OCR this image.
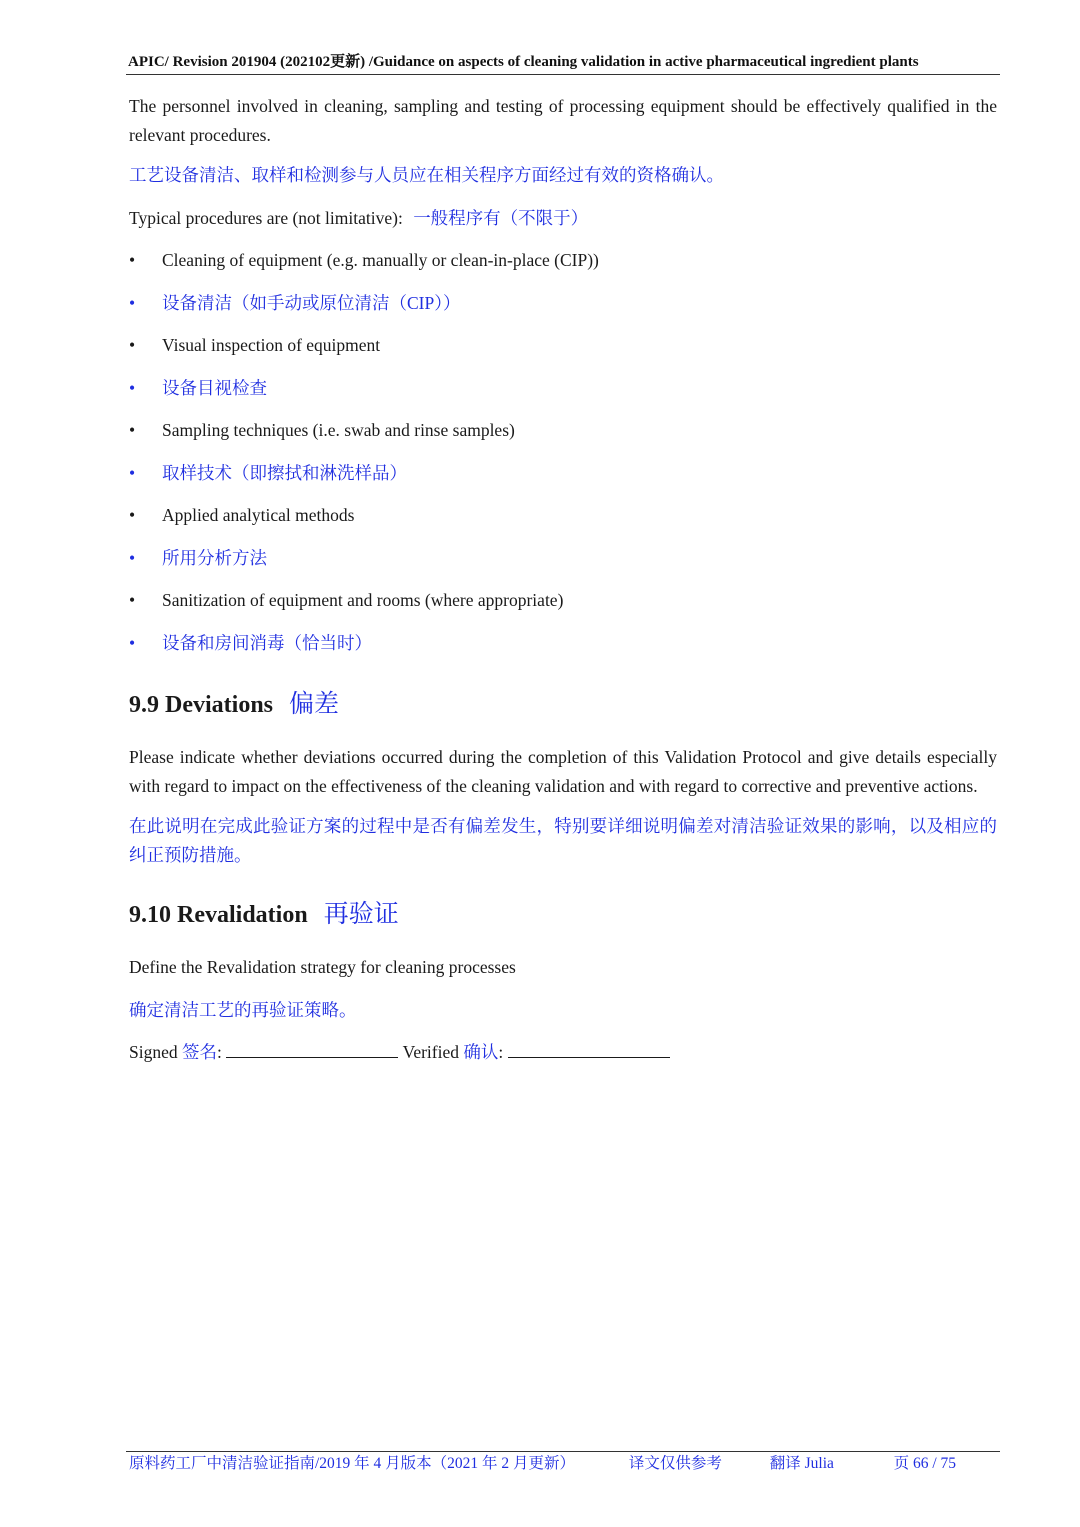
APIC/ Revision 201904 (202102更新) /Guidance on aspects of cleaning validation in active pharmaceutical ingredient plants

The personnel involved in cleaning, sampling and testing of processing equipment should be effectively qualified in the relevant procedures.

工艺设备清洁、取样和检测参与人员应在相关程序方面经过有效的资格确认。

Typical procedures are (not limitative): 一般程序有（不限于）

• Cleaning of equipment (e.g. manually or clean-in-place (CIP))
• 设备清洁（如手动或原位清洁（CIP））
• Visual inspection of equipment
• 设备目视检查
• Sampling techniques (i.e. swab and rinse samples)
• 取样技术（即擦拭和淋洗样品）
• Applied analytical methods
• 所用分析方法
• Sanitization of equipment and rooms (where appropriate)
• 设备和房间消毒（恰当时）
9.9 Deviations 偏差

Please indicate whether deviations occurred during the completion of this Validation Protocol and give details especially with regard to impact on the effectiveness of the cleaning validation and with regard to corrective and preventive actions.

在此说明在完成此验证方案的过程中是否有偏差发生，特别要详细说明偏差对清洁验证效果的影响，以及相应的纠正预防措施。

9.10 Revalidation 再验证

Define the Revalidation strategy for cleaning processes

确定清洁工艺的再验证策略。

Signed 签名:	Verified 确认:

原料药工厂中清洁验证指南/2019 年 4 月版本（2021 年 2 月更新）	译文仅供参考	翻译 Julia	页 66 / 75
